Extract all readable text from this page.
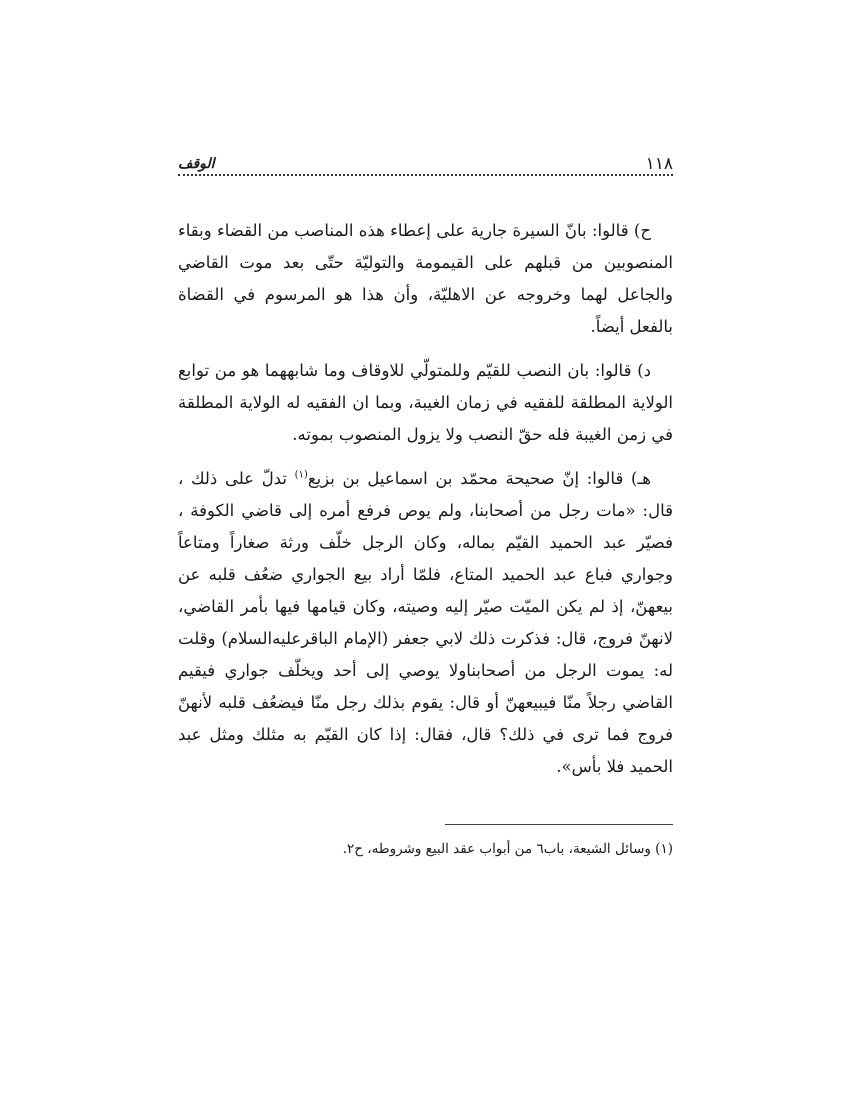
١١٨
الوقف

ح) قالوا: بانّ السيرة جارية على إعطاء هذه المناصب من القضاء وبقاء المنصوبين من قبلهم على القيمومة والتوليّة حتّى بعد موت القاضي والجاعل لهما وخروجه عن الاهليّة، وأن هذا هو المرسوم في القضاة بالفعل أيضاً.

د) قالوا: بان النصب للقيّم وللمتولّي للاوقاف وما شابههما هو من توابع الولاية المطلقة للفقيه في زمان الغيبة، وبما ان الفقيه له الولاية المطلقة في زمن الغيبة فله حقّ النصب ولا يزول المنصوب بموته.

هـ) قالوا: إنّ صحيحة محمّد بن اسماعيل بن بزيع$^{(١)}$ تدلّ على ذلك ، قال: «مات رجل من أصحابنا، ولم يوص فرفع أمره إلى قاضي الكوفة ، فصيّر عبد الحميد القيّم بماله، وكان الرجل خلّف ورثة صغاراً ومتاعاً وجواري فباع عبد الحميد المتاع، فلمّا أراد بيع الجواري ضعُف قلبه عن بيعهنّ، إذ لم يكن الميّت صيّر إليه وصيته، وكان قيامها فيها بأمر القاضي، لانهنّ فروج، قال: فذكرت ذلك لابي جعفر (الإمام الباقر‌عليه‌السلام) وقلت له: يموت الرجل من أصحابناولا يوصي إلى أحد ويخلّف جواري فيقيم القاضي رجلاً منّا فيبيعهنّ أو قال: يقوم بذلك رجل منّا فيضعُف قلبه لأنهنّ فروج فما ترى في ذلك؟ قال، فقال: إذا كان القيّم به مثلك ومثل عبد الحميد فلا بأس».

(١) وسائل الشيعة، باب٦ من أبواب عقد البيع وشروطه، ح٢.
